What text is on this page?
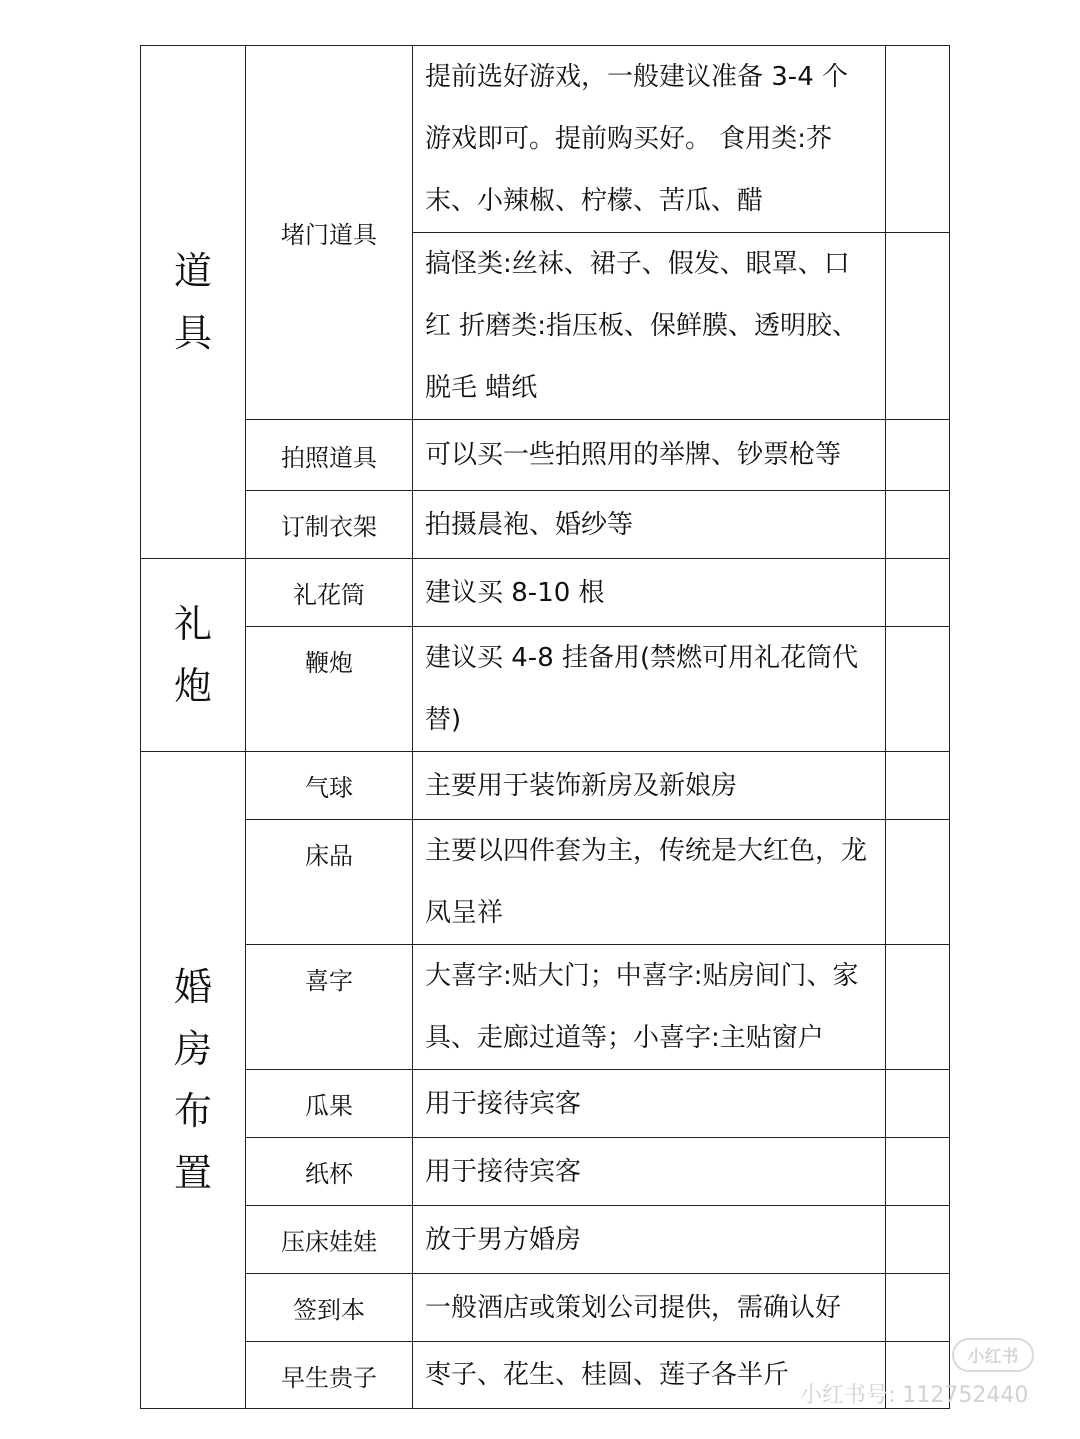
道
具	堵门道具	提前选好游戏，一般建议准备 3-4 个游戏即可。提前购买好。 食用类:芥末、小辣椒、柠檬、苦瓜、醋	
		搞怪类:丝袜、裙子、假发、眼罩、口红 折磨类:指压板、保鲜膜、透明胶、脱毛 蜡纸	
	拍照道具	可以买一些拍照用的举牌、钞票枪等	
	订制衣架	拍摄晨袍、婚纱等	

礼
炮	礼花筒	建议买 8-10 根	
	鞭炮	建议买 4-8 挂备用(禁燃可用礼花筒代替)	

婚
房
布
置	气球	主要用于装饰新房及新娘房	
	床品	主要以四件套为主，传统是大红色，龙凤呈祥	
	喜字	大喜字:贴大门；中喜字:贴房间门、家具、走廊过道等；小喜字:主贴窗户	
	瓜果	用于接待宾客	
	纸杯	用于接待宾客	
	压床娃娃	放于男方婚房	
	签到本	一般酒店或策划公司提供，需确认好	
	早生贵子	枣子、花生、桂圆、莲子各半斤	
小红书
小红书号: 112752440
